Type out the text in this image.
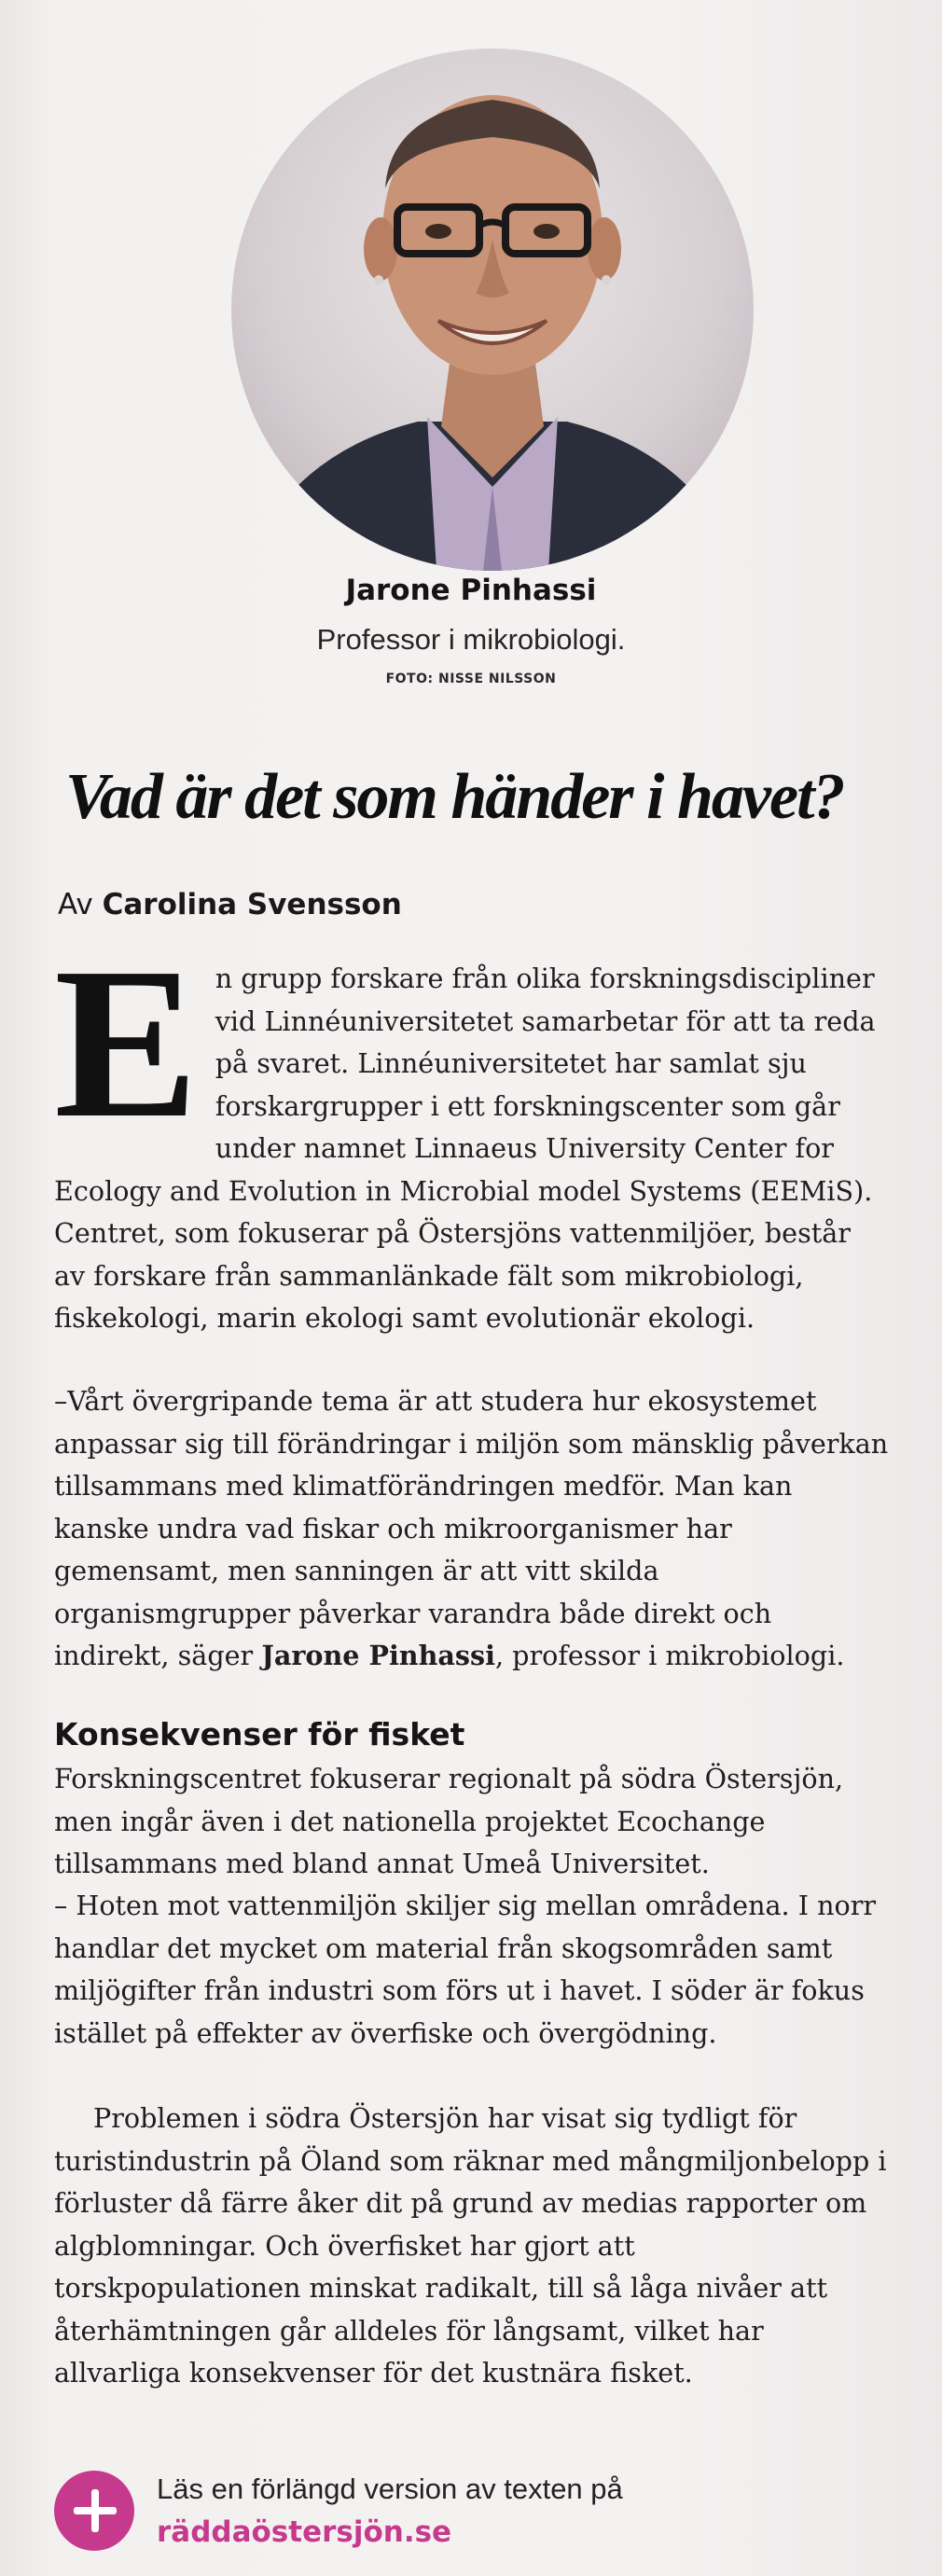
Jarone Pinhassi
Professor i mikrobiologi.
FOTO: NISSE NILSSON
Vad är det som händer i havet?
Av Carolina Svensson
E n grupp forskare från olika forskningsdiscipliner vid Linnéuniversitetet samarbetar för att ta reda på svaret. Linnéuniversitetet har samlat sju forskargrupper i ett forskningscenter som går under namnet Linnaeus University Center for Ecology and Evolution in Microbial model Systems (EEMiS). Centret, som fokuserar på Östersjöns vattenmiljöer, består av forskare från sammanlänkade fält som mikrobiologi, fiskekologi, marin ekologi samt evolutionär ekologi.
–Vårt övergripande tema är att studera hur ekosystemet anpassar sig till förändringar i miljön som mänsklig påverkan tillsammans med klimatförändringen medför. Man kan kanske undra vad fiskar och mikroorganismer har gemensamt, men sanningen är att vitt skilda organismgrupper påverkar varandra både direkt och indirekt, säger Jarone Pinhassi, professor i mikrobiologi.
Konsekvenser för fisket
Forskningscentret fokuserar regionalt på södra Östersjön, men ingår även i det nationella projektet Ecochange tillsammans med bland annat Umeå Universitet.
– Hoten mot vattenmiljön skiljer sig mellan områdena. I norr handlar det mycket om material från skogsområden samt miljögifter från industri som förs ut i havet. I söder är fokus istället på effekter av överfiske och övergödning.
Problemen i södra Östersjön har visat sig tydligt för turistindustrin på Öland som räknar med mångmiljonbelopp i förluster då färre åker dit på grund av medias rapporter om algblomningar. Och överfisket har gjort att torskpopulationen minskat radikalt, till så låga nivåer att återhämtningen går alldeles för långsamt, vilket har allvarliga konsekvenser för det kustnära fisket.
Läs en förlängd version av texten på
räddaöstersjön.se
